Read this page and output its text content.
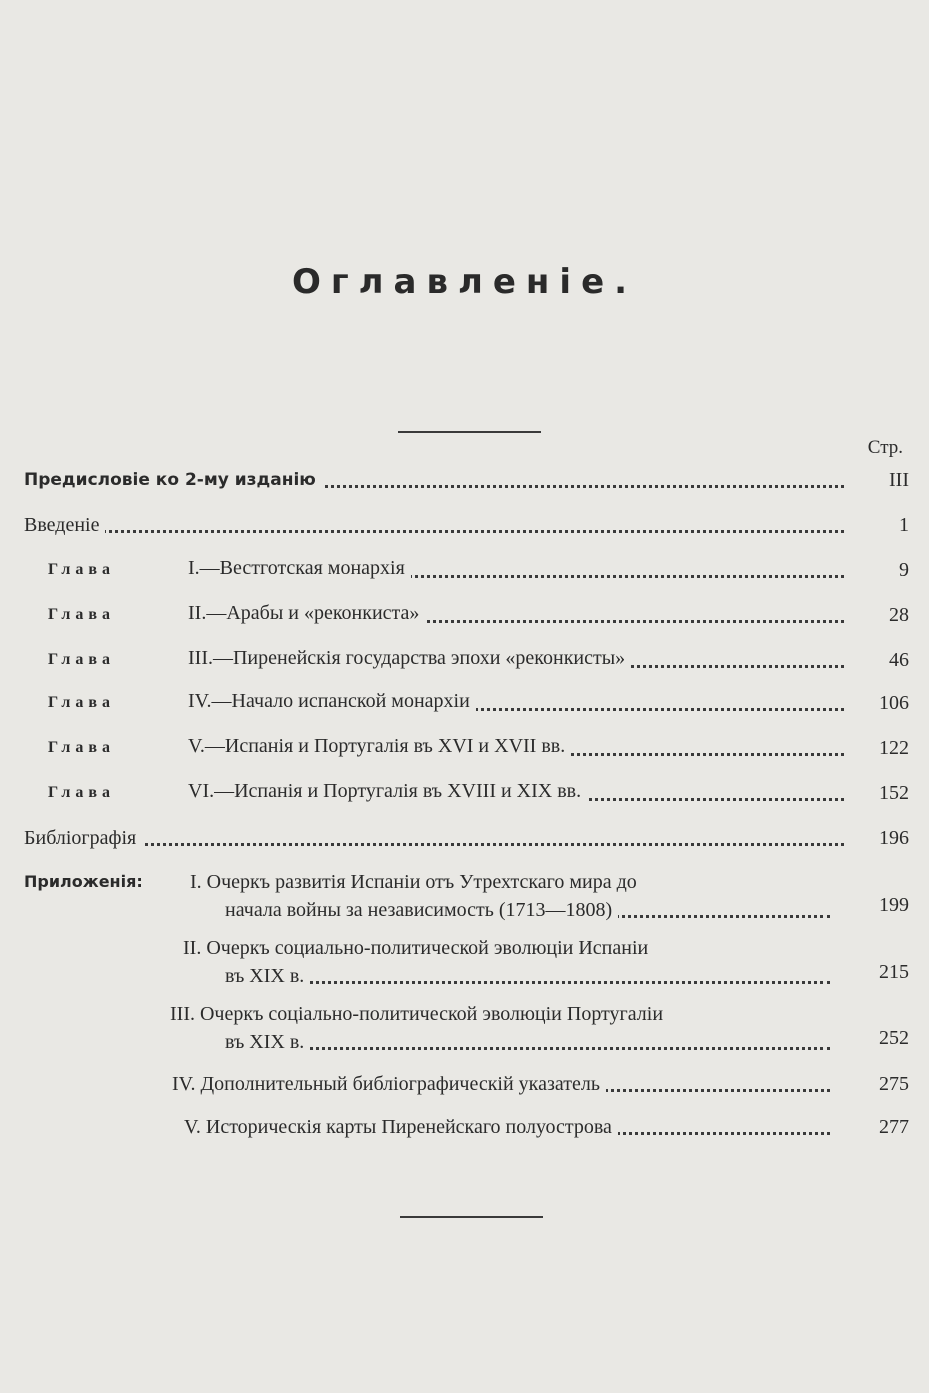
Оглавленіе.
Стр.
Предисловіе ко 2-му изданію	III
Введеніе	1
Глава	I.—Вестготская монархія	9
Глава	II.—Арабы и «реконкиста»	28
Глава	III.—Пиренейскія государства эпохи «реконкисты»	46
Глава	IV.—Начало испанской монархіи	106
Глава	V.—Испанія и Португалія въ XVI и XVII вв.	122
Глава	VI.—Испанія и Португалія въ XVIII и XIX вв.	152
Библіографія	196
Приложенія: I. Очеркъ развитія Испаніи отъ Утрехтскаго мира до
начала войны за независимость (1713—1808)	199
II. Очеркъ социально-политической эволюціи Испаніи
въ XIX в.	215
III. Очеркъ соціально-политической эволюціи Португаліи
въ XIX в.	252
IV. Дополнительный библіографическій указатель	275
V. Историческія карты Пиренейскаго полуострова	277
